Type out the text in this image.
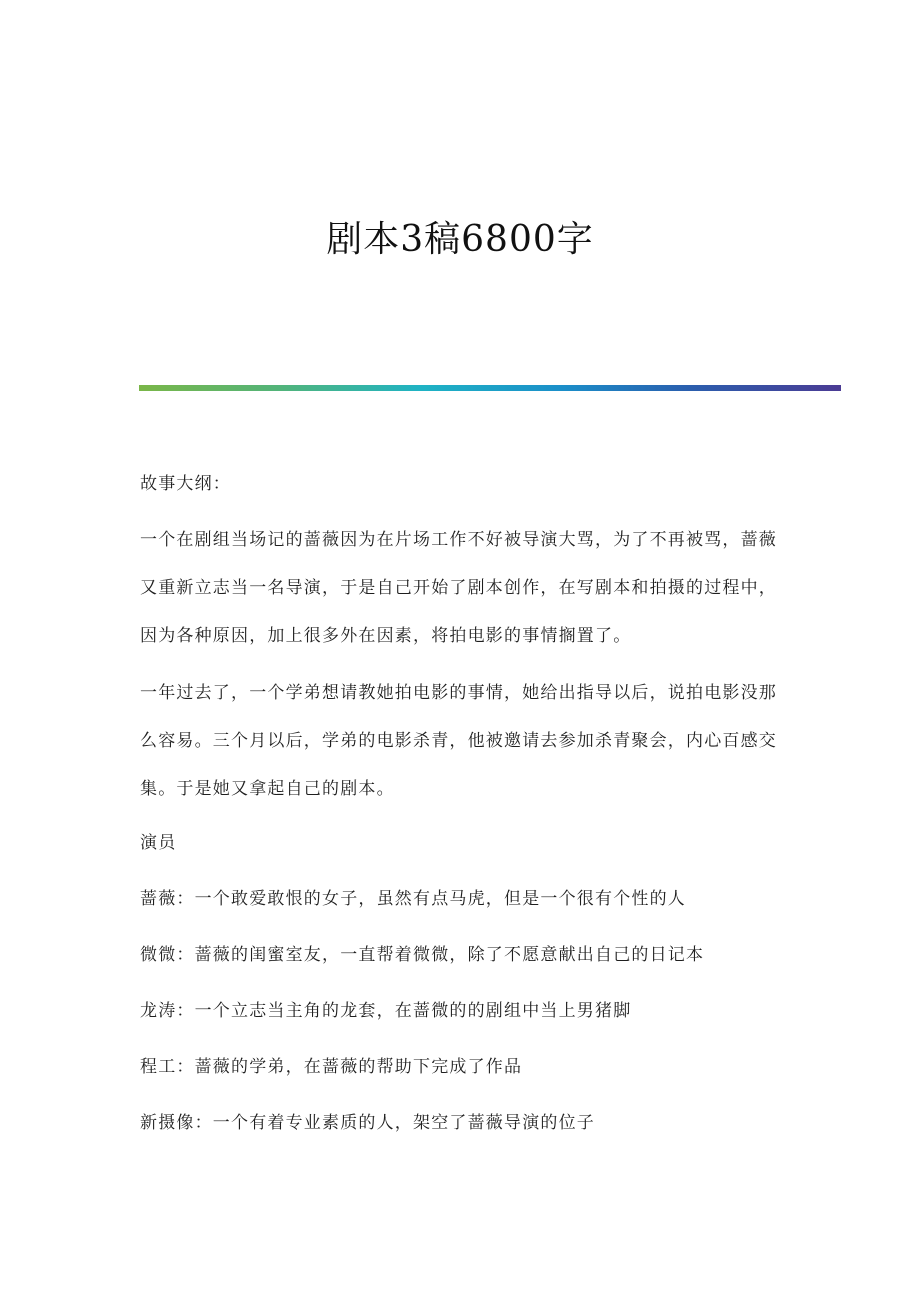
剧本3稿6800字
故事大纲：

一个在剧组当场记的蔷薇因为在片场工作不好被导演大骂，为了不再被骂，蔷薇又重新立志当一名导演，于是自己开始了剧本创作，在写剧本和拍摄的过程中，因为各种原因，加上很多外在因素，将拍电影的事情搁置了。

一年过去了，一个学弟想请教她拍电影的事情，她给出指导以后，说拍电影没那么容易。三个月以后，学弟的电影杀青，他被邀请去参加杀青聚会，内心百感交集。于是她又拿起自己的剧本。

演员
蔷薇：一个敢爱敢恨的女子，虽然有点马虎，但是一个很有个性的人
微微：蔷薇的闺蜜室友，一直帮着微微，除了不愿意献出自己的日记本
龙涛：一个立志当主角的龙套，在蔷微的的剧组中当上男猪脚
程工：蔷薇的学弟，在蔷薇的帮助下完成了作品
新摄像：一个有着专业素质的人，架空了蔷薇导演的位子
